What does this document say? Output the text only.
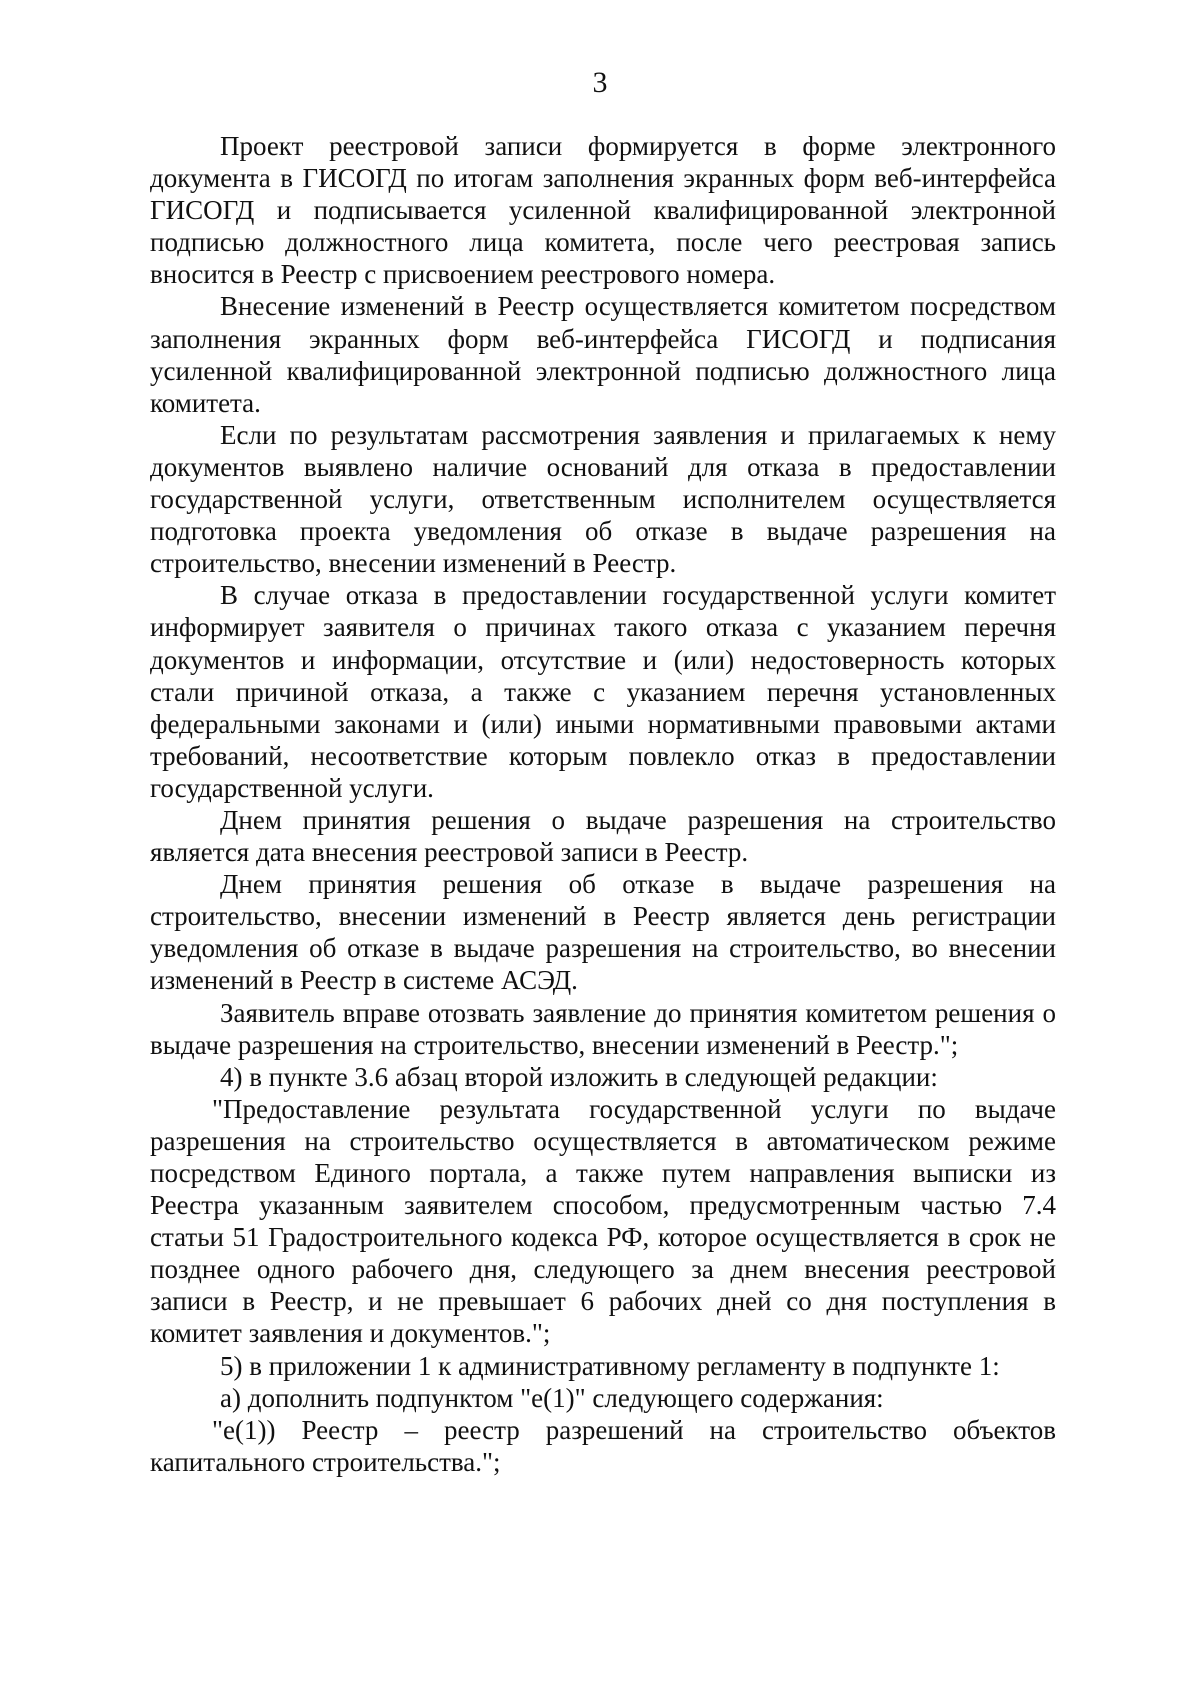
3

Проект реестровой записи формируется в форме электронного документа в ГИСОГД по итогам заполнения экранных форм веб-интерфейса ГИСОГД и подписывается усиленной квалифицированной электронной подписью должностного лица комитета, после чего реестровая запись вносится в Реестр с присвоением реестрового номера.

Внесение изменений в Реестр осуществляется комитетом посредством заполнения экранных форм веб-интерфейса ГИСОГД и подписания усиленной квалифицированной электронной подписью должностного лица комитета.

Если по результатам рассмотрения заявления и прилагаемых к нему документов выявлено наличие оснований для отказа в предоставлении государственной услуги, ответственным исполнителем осуществляется подготовка проекта уведомления об отказе в выдаче разрешения на строительство, внесении изменений в Реестр.

В случае отказа в предоставлении государственной услуги комитет информирует заявителя о причинах такого отказа с указанием перечня документов и информации, отсутствие и (или) недостоверность которых стали причиной отказа, а также с указанием перечня установленных федеральными законами и (или) иными нормативными правовыми актами требований, несоответствие которым повлекло отказ в предоставлении государственной услуги.

Днем принятия решения о выдаче разрешения на строительство является дата внесения реестровой записи в Реестр.

Днем принятия решения об отказе в выдаче разрешения на строительство, внесении изменений в Реестр является день регистрации уведомления об отказе в выдаче разрешения на строительство, во внесении изменений в Реестр в системе АСЭД.

Заявитель вправе отозвать заявление до принятия комитетом решения о выдаче разрешения на строительство, внесении изменений в Реестр.";

4) в пункте 3.6 абзац второй изложить в следующей редакции:

"Предоставление результата государственной услуги по выдаче разрешения на строительство осуществляется в автоматическом режиме посредством Единого портала, а также путем направления выписки из Реестра указанным заявителем способом, предусмотренным частью 7.4 статьи 51 Градостроительного кодекса РФ, которое осуществляется в срок не позднее одного рабочего дня, следующего за днем внесения реестровой записи в Реестр, и не превышает 6 рабочих дней со дня поступления в комитет заявления и документов.";

5) в приложении 1 к административному регламенту в подпункте 1:

а) дополнить подпунктом "е(1)" следующего содержания:

"е(1)) Реестр – реестр разрешений на строительство объектов капитального строительства.";
